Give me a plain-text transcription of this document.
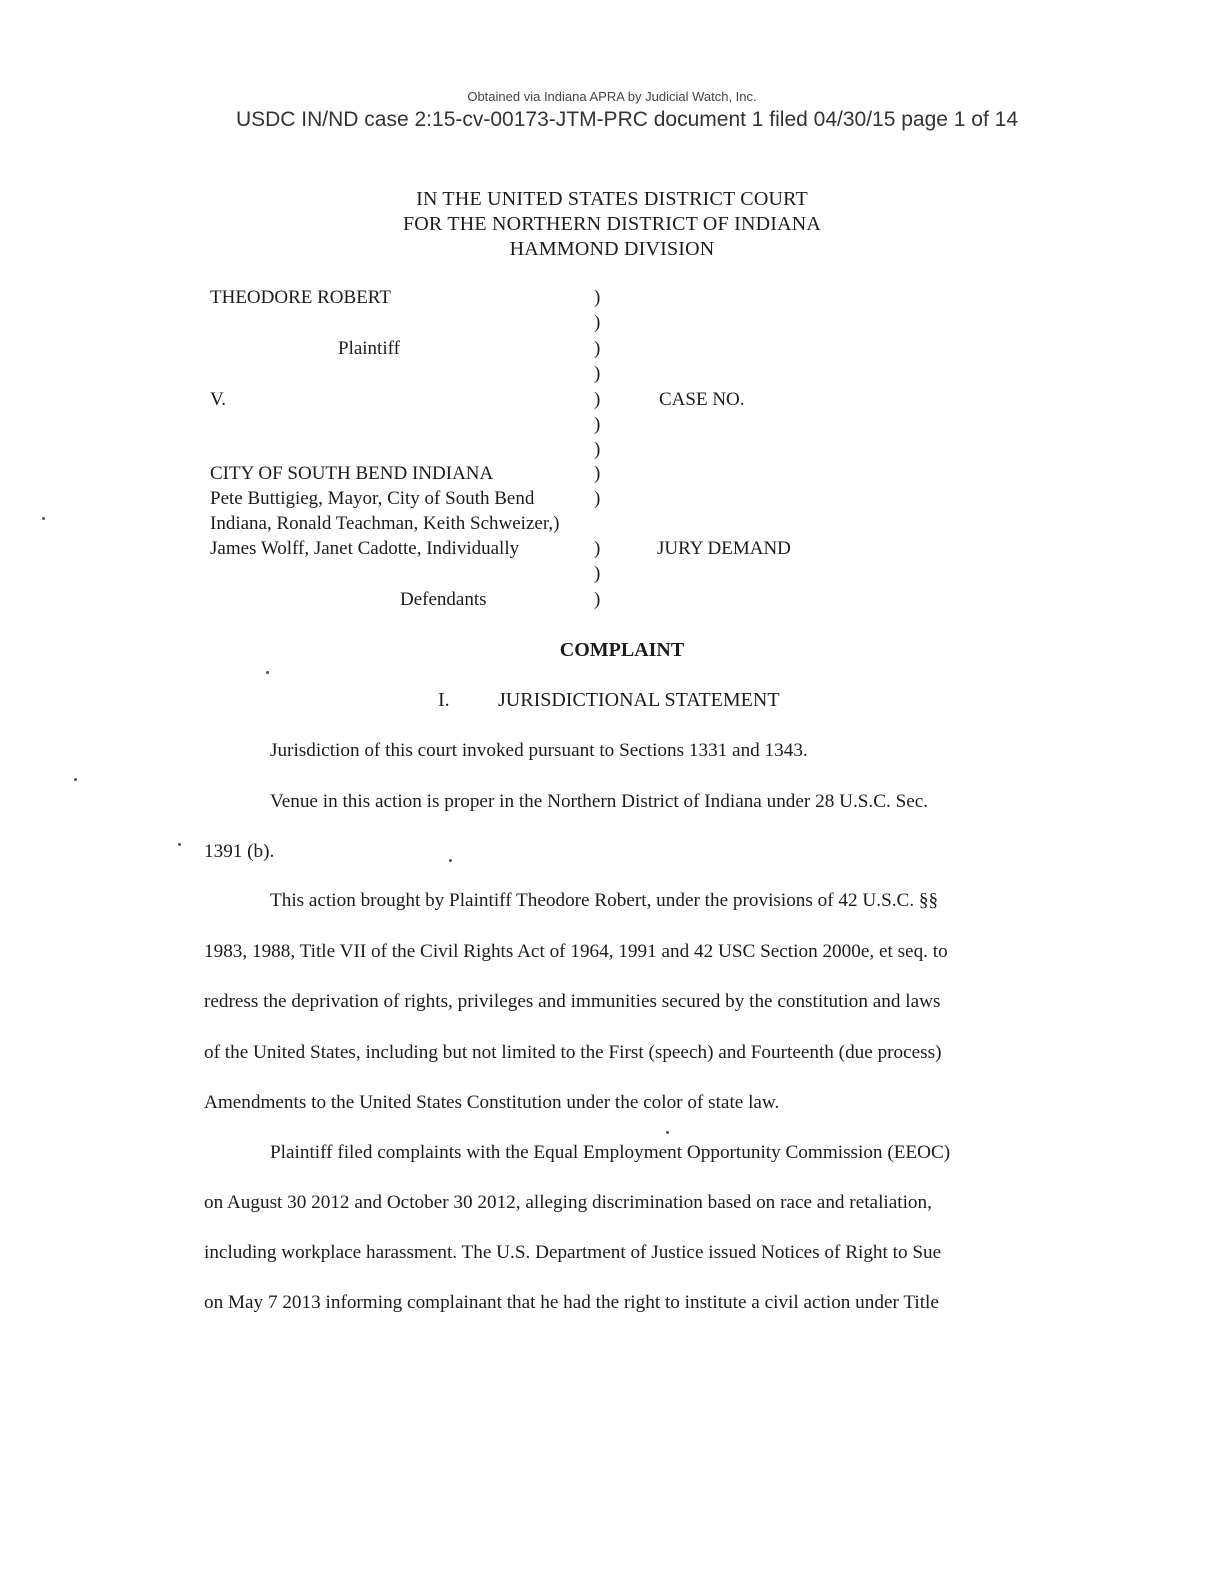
Obtained via Indiana APRA by Judicial Watch, Inc.
USDC IN/ND case 2:15-cv-00173-JTM-PRC document 1 filed 04/30/15 page 1 of 14
IN THE UNITED STATES DISTRICT COURT
FOR THE NORTHERN DISTRICT OF INDIANA
HAMMOND DIVISION
THEODORE ROBERT
Plaintiff
V.
CITY OF SOUTH BEND INDIANA
Pete Buttigieg, Mayor, City of South Bend
Indiana, Ronald Teachman, Keith Schweizer,)
James Wolff, Janet Cadotte, Individually
Defendants
)
)
)
)
)
)
)
)
)
)
)
)
CASE NO.
JURY DEMAND
COMPLAINT
I. JURISDICTIONAL STATEMENT
Jurisdiction of this court invoked pursuant to Sections 1331 and 1343.
Venue in this action is proper in the Northern District of Indiana under 28 U.S.C. Sec.
1391 (b).
This action brought by Plaintiff Theodore Robert, under the provisions of 42 U.S.C. §§
1983, 1988, Title VII of the Civil Rights Act of 1964, 1991 and 42 USC Section 2000e, et seq. to
redress the deprivation of rights, privileges and immunities secured by the constitution and laws
of the United States, including but not limited to the First (speech) and Fourteenth (due process)
Amendments to the United States Constitution under the color of state law.
Plaintiff filed complaints with the Equal Employment Opportunity Commission (EEOC)
on August 30 2012 and October 30 2012, alleging discrimination based on race and retaliation,
including workplace harassment. The U.S. Department of Justice issued Notices of Right to Sue
on May 7 2013 informing complainant that he had the right to institute a civil action under Title
